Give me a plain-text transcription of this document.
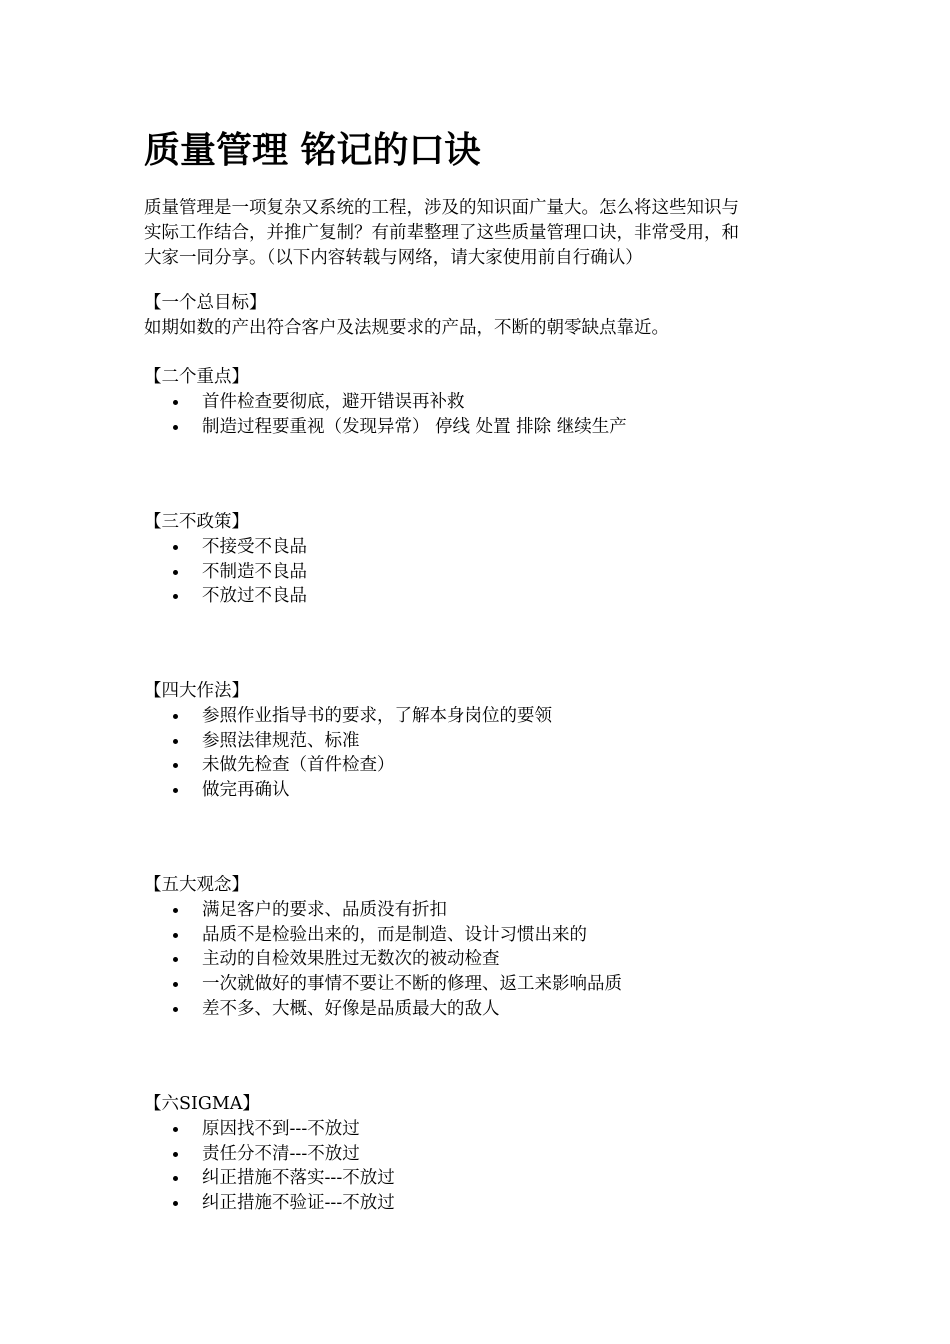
质量管理 铭记的口诀

质量管理是一项复杂又系统的工程，涉及的知识面广量大。怎么将这些知识与
实际工作结合，并推广复制？有前辈整理了这些质量管理口诀，非常受用，和
大家一同分享。（以下内容转载与网络，请大家使用前自行确认）

【一个总目标】

如期如数的产出符合客户及法规要求的产品，不断的朝零缺点靠近。

【二个重点】

首件检查要彻底，避开错误再补救
制造过程要重视（发现异常） 停线 处置 排除 继续生产

【三不政策】

不接受不良品
不制造不良品
不放过不良品

【四大作法】

参照作业指导书的要求，了解本身岗位的要领
参照法律规范、标准
未做先检查（首件检查）
做完再确认

【五大观念】

满足客户的要求、品质没有折扣
品质不是检验出来的，而是制造、设计习惯出来的
主动的自检效果胜过无数次的被动检查
一次就做好的事情不要让不断的修理、返工来影响品质
差不多、大概、好像是品质最大的敌人

【六SIGMA】

原因找不到---不放过
责任分不清---不放过
纠正措施不落实---不放过
纠正措施不验证---不放过
